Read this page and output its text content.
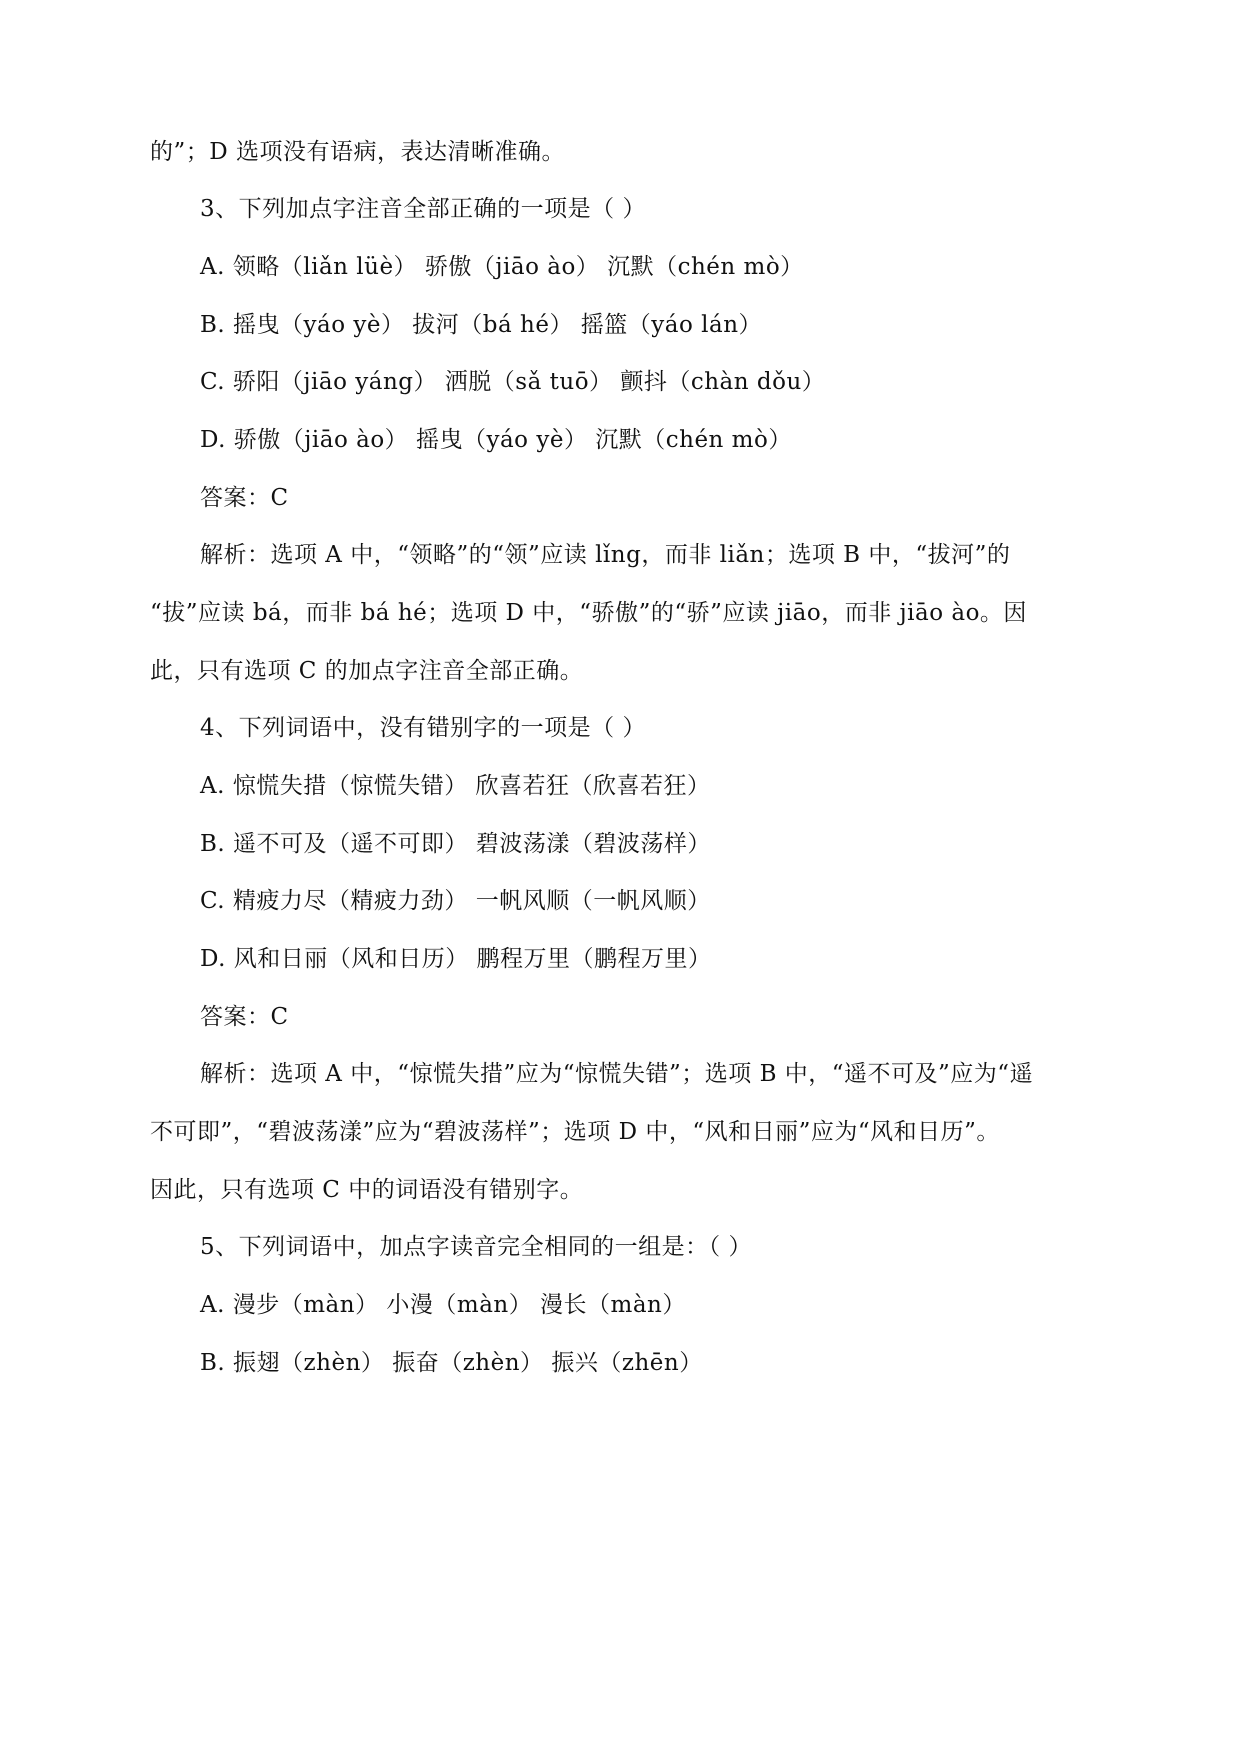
的”；D 选项没有语病，表达清晰准确。
3、下列加点字注音全部正确的一项是（ ）
A. 领略（liǎn lüè） 骄傲（jiāo ào） 沉默（chén mò）
B. 摇曳（yáo yè） 拔河（bá hé） 摇篮（yáo lán）
C. 骄阳（jiāo yáng） 洒脱（sǎ tuō） 颤抖（chàn dǒu）
D. 骄傲（jiāo ào） 摇曳（yáo yè） 沉默（chén mò）
答案：C
解析：选项 A 中，“领略”的“领”应读 lǐng，而非 liǎn；选项 B 中，“拔河”的
“拔”应读 bá，而非 bá hé；选项 D 中，“骄傲”的“骄”应读 jiāo，而非 jiāo ào。因
此，只有选项 C 的加点字注音全部正确。
4、下列词语中，没有错别字的一项是（ ）
A. 惊慌失措（惊慌失错） 欣喜若狂（欣喜若狂）
B. 遥不可及（遥不可即） 碧波荡漾（碧波荡样）
C. 精疲力尽（精疲力劲） 一帆风顺（一帆风顺）
D. 风和日丽（风和日历） 鹏程万里（鹏程万里）
答案：C
解析：选项 A 中，“惊慌失措”应为“惊慌失错”；选项 B 中，“遥不可及”应为“遥
不可即”，“碧波荡漾”应为“碧波荡样”；选项 D 中，“风和日丽”应为“风和日历”。
因此，只有选项 C 中的词语没有错别字。
5、下列词语中，加点字读音完全相同的一组是：（ ）
A. 漫步（màn） 小漫（màn） 漫长（màn）
B. 振翅（zhèn） 振奋（zhèn） 振兴（zhēn）
